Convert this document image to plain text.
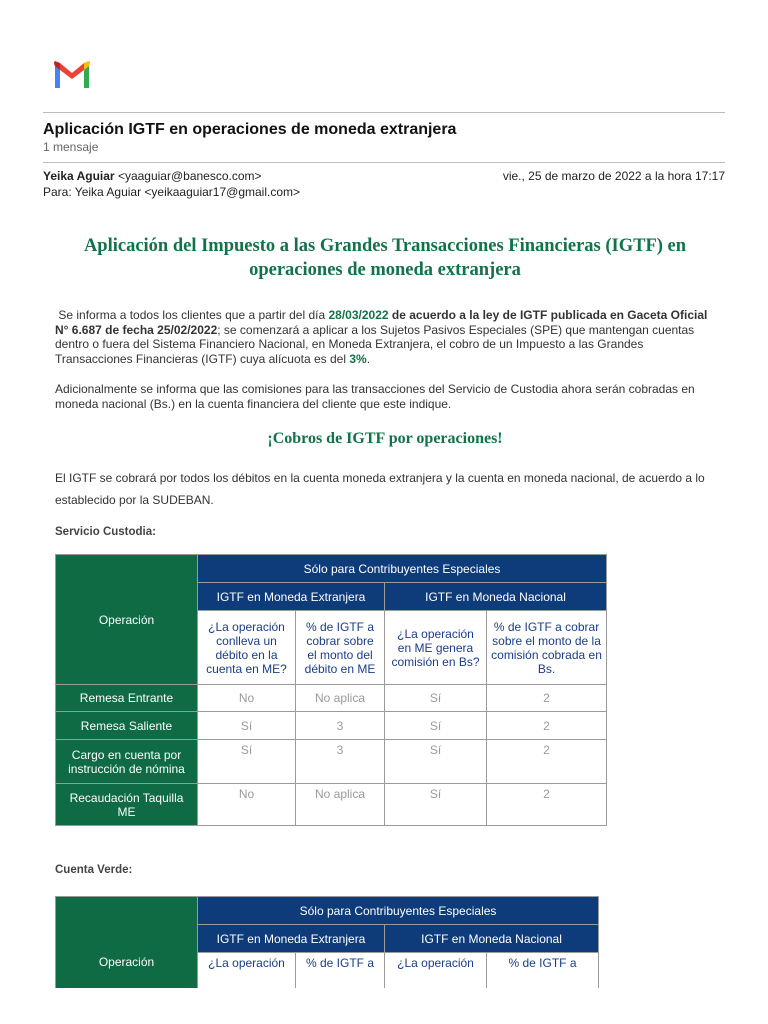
Aplicación IGTF en operaciones de moneda extranjera
1 mensaje
Yeika Aguiar <yaaguiar@banesco.com>	vie., 25 de marzo de 2022 a la hora 17:17
Para: Yeika Aguiar <yeikaaguiar17@gmail.com>
Aplicación del Impuesto a las Grandes Transacciones Financieras (IGTF) en operaciones de moneda extranjera
Se informa a todos los clientes que a partir del día 28/03/2022 de acuerdo a la ley de IGTF publicada en Gaceta Oficial N° 6.687 de fecha 25/02/2022; se comenzará a aplicar a los Sujetos Pasivos Especiales (SPE) que mantengan cuentas dentro o fuera del Sistema Financiero Nacional, en Moneda Extranjera, el cobro de un Impuesto a las Grandes Transacciones Financieras (IGTF) cuya alícuota es del 3%.
Adicionalmente se informa que las comisiones para las transacciones del Servicio de Custodia ahora serán cobradas en moneda nacional (Bs.) en la cuenta financiera del cliente que este indique.
¡Cobros de IGTF por operaciones!
El IGTF se cobrará por todos los débitos en la cuenta moneda extranjera y la cuenta en moneda nacional, de acuerdo a lo establecido por la SUDEBAN.
Servicio Custodia:
Operación	Sólo para Contribuyentes Especiales			
	IGTF en Moneda Extranjera		IGTF en Moneda Nacional	
	¿La operación conlleva un débito en la cuenta en ME?	% de IGTF a cobrar sobre el monto del débito en ME	¿La operación en ME genera comisión en Bs?	% de IGTF a cobrar sobre el monto de la comisión cobrada en Bs.
Remesa Entrante	No	No aplica	Sí	2
Remesa Saliente	Sí	3	Sí	2
Cargo en cuenta por instrucción de nómina	Sí	3	Sí	2
Recaudación Taquilla ME	No	No aplica	Sí	2
Cuenta Verde:
Operación	Sólo para Contribuyentes Especiales			
	IGTF en Moneda Extranjera		IGTF en Moneda Nacional	
	¿La operación	% de IGTF a	¿La operación	% de IGTF a
